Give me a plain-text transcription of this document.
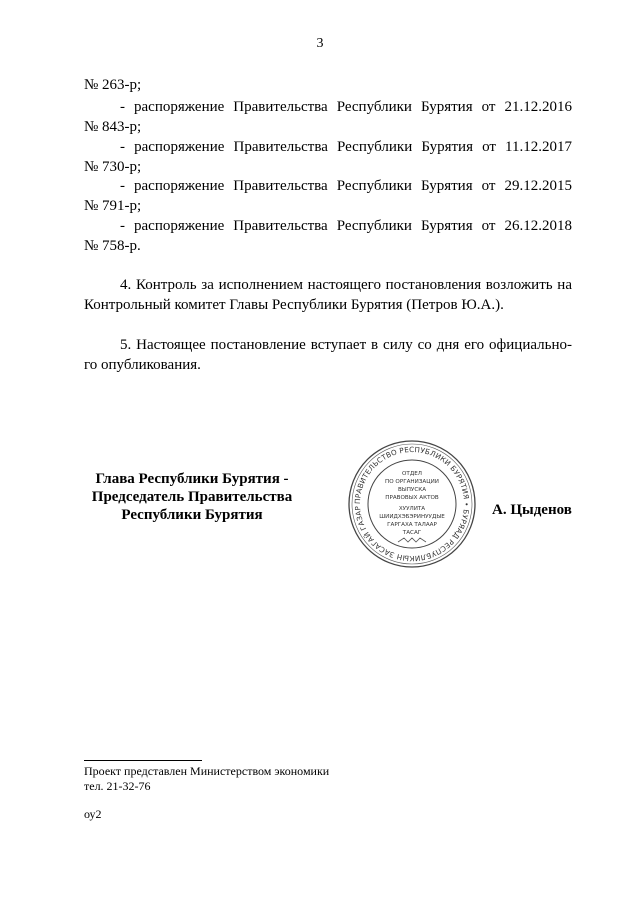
3
№ 263-р;
- распоряжение Правительства Республики Бурятия от 21.12.2016
№ 843-р;
- распоряжение Правительства Республики Бурятия от 11.12.2017
№ 730-р;
- распоряжение Правительства Республики Бурятия от 29.12.2015
№ 791-р;
- распоряжение Правительства Республики Бурятия от 26.12.2018
№ 758-р.
4. Контроль за исполнением настоящего постановления возложить на
Контрольный комитет Главы Республики Бурятия (Петров Ю.А.).
5. Настоящее постановление вступает в силу со дня его официально-
го опубликования.
Глава Республики Бурятия -
Председатель Правительства
Республики Бурятия
ПРАВИТЕЛЬСТВО РЕСПУБЛИКИ БУРЯТИЯ • БУРЯАД РЕСПУБЛИКЫН ЗАСАГАЙ ГАЗАР
ОТДЕЛ
ПО ОРГАНИЗАЦИИ
ВЫПУСКА
ПРАВОВЫХ АКТОВ
ХУУЛИТА
ШИИДХЭБЭРИНУУДЫЕ
ГАРГАХА ТАЛААР
ТАСАГ
А. Цыденов
Проект представлен Министерством экономики
тел. 21-32-76
оу2
